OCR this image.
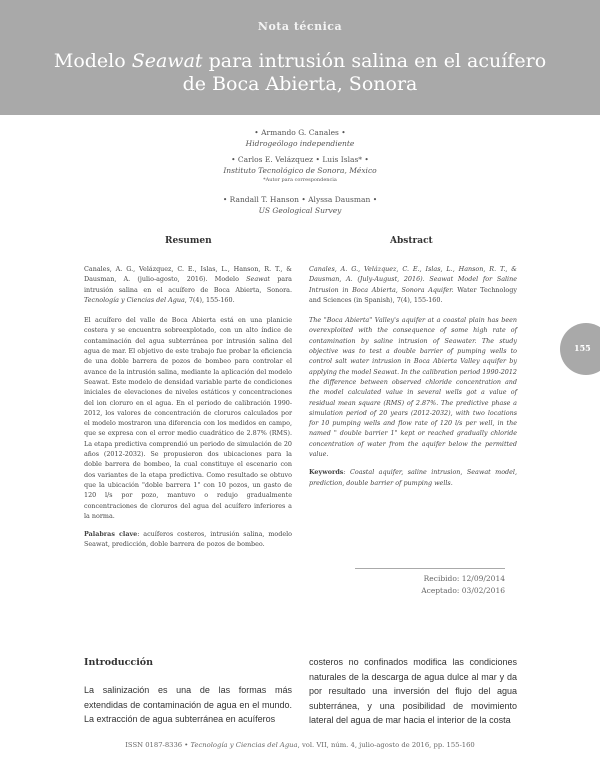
Nota técnica
Modelo Seawat para intrusión salina en el acuífero de Boca Abierta, Sonora
• Armando G. Canales •
Hidrogeólogo independiente
• Carlos E. Velázquez • Luis Islas* •
Instituto Tecnológico de Sonora, México
*Autor para correspondencia
• Randall T. Hanson • Alyssa Dausman •
US Geological Survey
Resumen	Abstract

Canales, A. G., Velázquez, C. E., Islas, L., Hanson, R. T., & Dausman, A. (julio-agosto, 2016). Modelo Seawat para intrusión salina en el acuífero de Boca Abierta, Sonora. Tecnología y Ciencias del Agua, 7(4), 155-160.

El acuífero del valle de Boca Abierta está en una planicie costera y se encuentra sobreexplotado, con un alto índice de contaminación del agua subterránea por intrusión salina del agua de mar. El objetivo de este trabajo fue probar la eficiencia de una doble barrera de pozos de bombeo para controlar el avance de la intrusión salina, mediante la aplicación del modelo Seawat. Este modelo de densidad variable parte de condiciones iniciales de elevaciones de niveles estáticos y concentraciones del ion cloruro en el agua. En el periodo de calibración 1990-2012, los valores de concentración de cloruros calculados por el modelo mostraron una diferencia con los medidos en campo, que se expresa con el error medio cuadrático de 2.87% (RMS). La etapa predictiva comprendió un periodo de simulación de 20 años (2012-2032). Se propusieron dos ubicaciones para la doble barrera de bombeo, la cual constituye el escenario con dos variantes de la etapa predictiva. Como resultado se obtuvo que la ubicación "doble barrera 1" con 10 pozos, un gasto de 120 l/s por pozo, mantuvo o redujo gradualmente concentraciones de cloruros del agua del acuífero inferiores a la norma.

Palabras clave: acuíferos costeros, intrusión salina, modelo Seawat, predicción, doble barrera de pozos de bombeo.

Canales, A. G., Velázquez, C. E., Islas, L., Hanson, R. T., & Dausman, A. (July-August, 2016). Seawat Model for Saline Intrusion in Boca Abierta, Sonora Aquifer. Water Technology and Sciences (in Spanish), 7(4), 155-160.

The "Boca Abierta" Valley's aquifer at a coastal plain has been overexploited with the consequence of some high rate of contamination by saline intrusion of Seawater. The study objective was to test a double barrier of pumping wells to control salt water intrusion in Boca Abierta Valley aquifer by applying the model Seawat. In the calibration period 1990-2012 the difference between observed chloride concentration and the model calculated value in several wells got a value of residual mean square (RMS) of 2.87%. The predictive phase a simulation period of 20 years (2012-2032), with two locations for 10 pumping wells and flow rate of 120 l/s per well, in the named " double barrier 1" kept or reached gradually chloride concentration of water from the aquifer below the permitted value.

Keywords: Coastal aquifer, saline intrusion, Seawat model, prediction, double barrier of pumping wells.

Recibido: 12/09/2014
Aceptado: 03/02/2016
155
Introducción
La salinización es una de las formas más extendidas de contaminación de agua en el mundo. La extracción de agua subterránea en acuíferos
costeros no confinados modifica las condiciones naturales de la descarga de agua dulce al mar y da por resultado una inversión del flujo del agua subterránea, y una posibilidad de movimiento lateral del agua de mar hacia el interior de la costa
ISSN 0187-8336 • Tecnología y Ciencias del Agua, vol. VII, núm. 4, julio-agosto de 2016, pp. 155-160
